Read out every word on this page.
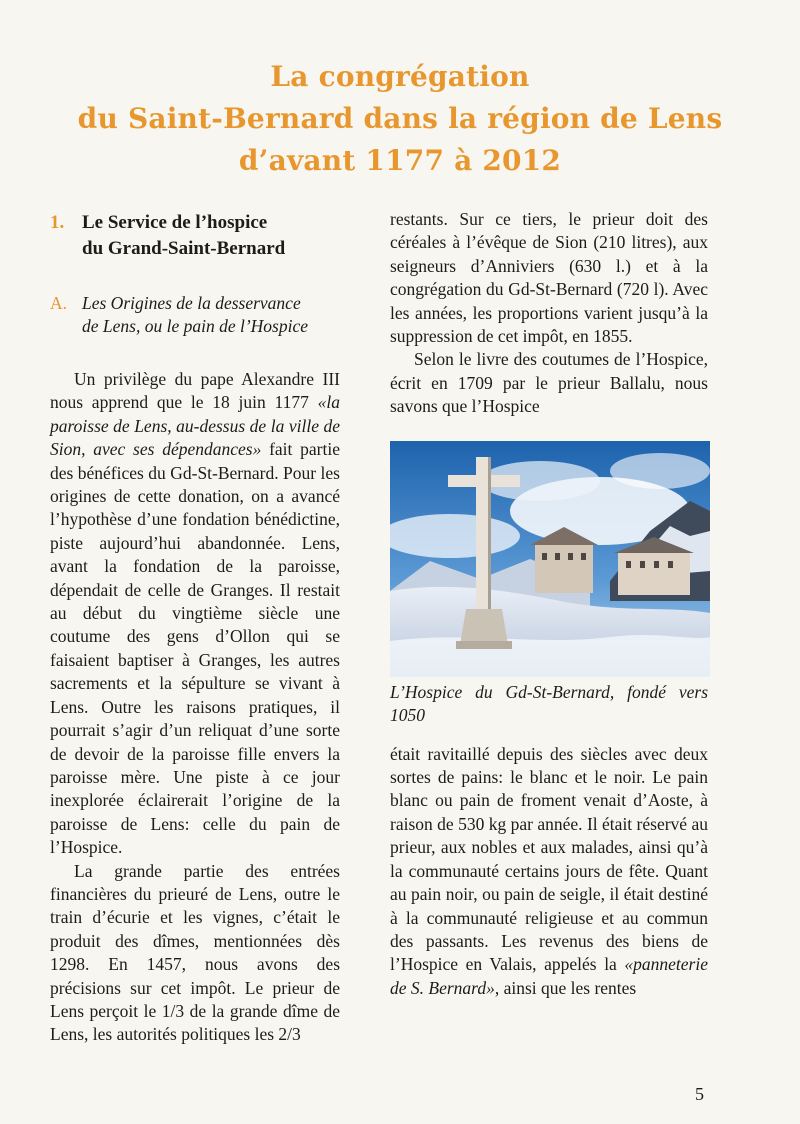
La congrégation
du Saint-Bernard dans la région de Lens
d’avant 1177 à 2012
1. Le Service de l’hospice
du Grand-Saint-Bernard
A. Les Origines de la desservance
de Lens, ou le pain de l’Hospice

Un privilège du pape Alexandre III nous apprend que le 18 juin 1177 «la paroisse de Lens, au-dessus de la ville de Sion, avec ses dépendances» fait partie des bénéfices du Gd-St-Bernard. Pour les origines de cette donation, on a avancé l’hypothèse d’une fondation bénédictine, piste aujourd’hui abandonnée. Lens, avant la fondation de la paroisse, dépendait de celle de Granges. Il restait au début du vingtième siècle une coutume des gens d’Ollon qui se faisaient baptiser à Granges, les autres sacrements et la sépulture se vivant à Lens. Outre les raisons pratiques, il pourrait s’agir d’un reliquat d’une sorte de devoir de la paroisse fille envers la paroisse mère. Une piste à ce jour inexplorée éclairerait l’origine de la paroisse de Lens: celle du pain de l’Hospice.

La grande partie des entrées financières du prieuré de Lens, outre le train d’écurie et les vignes, c’était le produit des dîmes, mentionnées dès 1298. En 1457, nous avons des précisions sur cet impôt. Le prieur de Lens perçoit le 1/3 de la grande dîme de Lens, les autorités politiques les 2/3

restants. Sur ce tiers, le prieur doit des céréales à l’évêque de Sion (210 litres), aux seigneurs d’Anniviers (630 l.) et à la congrégation du Gd-St-Bernard (720 l). Avec les années, les proportions varient jusqu’à la suppression de cet impôt, en 1855.

Selon le livre des coutumes de l’Hospice, écrit en 1709 par le prieur Ballalu, nous savons que l’Hospice

L’Hospice du Gd-St-Bernard, fondé vers 1050

était ravitaillé depuis des siècles avec deux sortes de pains: le blanc et le noir. Le pain blanc ou pain de froment venait d’Aoste, à raison de 530 kg par année. Il était réservé au prieur, aux nobles et aux malades, ainsi qu’à la communauté certains jours de fête. Quant au pain noir, ou pain de seigle, il était destiné à la communauté religieuse et au commun des passants. Les revenus des biens de l’Hospice en Valais, appelés la «panneterie de S. Bernard», ainsi que les rentes

5
